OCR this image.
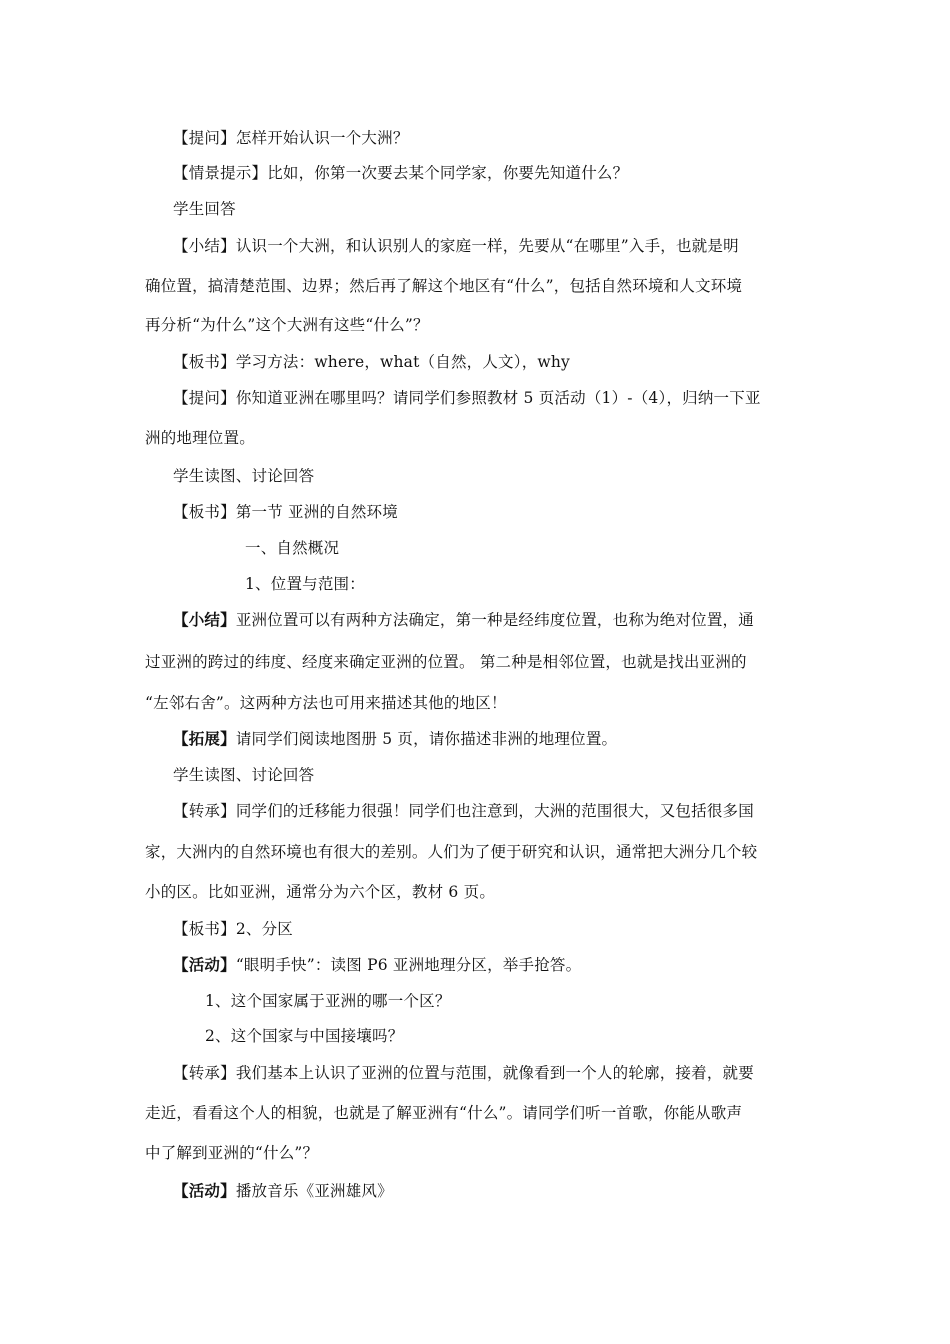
【提问】怎样开始认识一个大洲？
【情景提示】比如，你第一次要去某个同学家，你要先知道什么？
学生回答
【小结】认识一个大洲，和认识别人的家庭一样，先要从“在哪里”入手，也就是明
确位置，搞清楚范围、边界；然后再了解这个地区有“什么”，包括自然环境和人文环境
再分析“为什么”这个大洲有这些“什么”？
【板书】学习方法：where，what（自然，人文），why
【提问】你知道亚洲在哪里吗？请同学们参照教材 5 页活动（1）-（4），归纳一下亚
洲的地理位置。
学生读图、讨论回答
【板书】第一节 亚洲的自然环境
一、自然概况
1、位置与范围：
【小结】亚洲位置可以有两种方法确定，第一种是经纬度位置，也称为绝对位置，通
过亚洲的跨过的纬度、经度来确定亚洲的位置。 第二种是相邻位置，也就是找出亚洲的
“左邻右舍”。这两种方法也可用来描述其他的地区！
【拓展】请同学们阅读地图册 5 页，请你描述非洲的地理位置。
学生读图、讨论回答
【转承】同学们的迁移能力很强！同学们也注意到，大洲的范围很大，又包括很多国
家，大洲内的自然环境也有很大的差别。人们为了便于研究和认识，通常把大洲分几个较
小的区。比如亚洲，通常分为六个区，教材 6 页。
【板书】2、分区
【活动】“眼明手快”：读图 P6 亚洲地理分区，举手抢答。
1、这个国家属于亚洲的哪一个区？
2、这个国家与中国接壤吗？
【转承】我们基本上认识了亚洲的位置与范围，就像看到一个人的轮廓，接着，就要
走近，看看这个人的相貌，也就是了解亚洲有“什么”。请同学们听一首歌，你能从歌声
中了解到亚洲的“什么”？
【活动】播放音乐《亚洲雄风》
